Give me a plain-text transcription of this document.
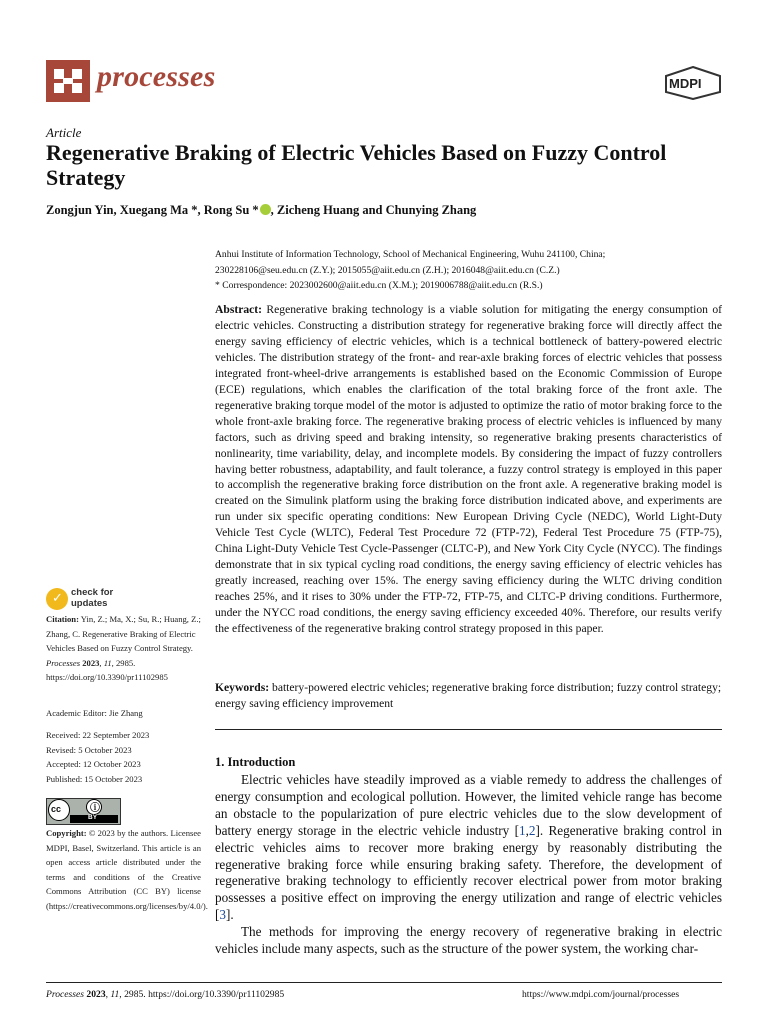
processes	MDPI
Article
Regenerative Braking of Electric Vehicles Based on Fuzzy Control Strategy
Zongjun Yin, Xuegang Ma *, Rong Su * , Zicheng Huang and Chunying Zhang
Anhui Institute of Information Technology, School of Mechanical Engineering, Wuhu 241100, China;
230228106@seu.edu.cn (Z.Y.); 2015055@aiit.edu.cn (Z.H.); 2016048@aiit.edu.cn (C.Z.)
* Correspondence: 2023002600@aiit.edu.cn (X.M.); 2019006788@aiit.edu.cn (R.S.)
Abstract: Regenerative braking technology is a viable solution for mitigating the energy consumption of electric vehicles. Constructing a distribution strategy for regenerative braking force will directly affect the energy saving efficiency of electric vehicles, which is a technical bottleneck of battery-powered electric vehicles. The distribution strategy of the front- and rear-axle braking forces of electric vehicles that possess integrated front-wheel-drive arrangements is established based on the Economic Commission of Europe (ECE) regulations, which enables the clarification of the total braking force of the front axle. The regenerative braking torque model of the motor is adjusted to optimize the ratio of motor braking force to the whole front-axle braking force. The regenerative braking process of electric vehicles is influenced by many factors, such as driving speed and braking intensity, so regenerative braking presents characteristics of nonlinearity, time variability, delay, and incomplete models. By considering the impact of fuzzy controllers having better robustness, adaptability, and fault tolerance, a fuzzy control strategy is employed in this paper to accomplish the regenerative braking force distribution on the front axle. A regenerative braking model is created on the Simulink platform using the braking force distribution indicated above, and experiments are run under six specific operating conditions: New European Driving Cycle (NEDC), World Light-Duty Vehicle Test Cycle (WLTC), Federal Test Procedure 72 (FTP-72), Federal Test Procedure 75 (FTP-75), China Light-Duty Vehicle Test Cycle-Passenger (CLTC-P), and New York City Cycle (NYCC). The findings demonstrate that in six typical cycling road conditions, the energy saving efficiency of electric vehicles has greatly increased, reaching over 15%. The energy saving efficiency during the WLTC driving condition reaches 25%, and it rises to 30% under the FTP-72, FTP-75, and CLTC-P driving conditions. Furthermore, under the NYCC road conditions, the energy saving efficiency exceeded 40%. Therefore, our results verify the effectiveness of the regenerative braking control strategy proposed in this paper.
Keywords: battery-powered electric vehicles; regenerative braking force distribution; fuzzy control strategy; energy saving efficiency improvement
1. Introduction

Electric vehicles have steadily improved as a viable remedy to address the challenges of energy consumption and ecological pollution. However, the limited vehicle range has become an obstacle to the popularization of pure electric vehicles due to the slow development of battery energy storage in the electric vehicle industry [1,2]. Regenerative braking control in electric vehicles aims to recover more braking energy by reasonably distributing the regenerative braking force while ensuring braking safety. Therefore, the development of regenerative braking technology to efficiently recover electrical power from motor braking possesses a positive effect on improving the energy utilization and range of electric vehicles [3].

The methods for improving the energy recovery of regenerative braking in electric vehicles include many aspects, such as the structure of the power system, the working char-

✓ check for
updates
Citation: Yin, Z.; Ma, X.; Su, R.; Huang, Z.; Zhang, C. Regenerative Braking of Electric Vehicles Based on Fuzzy Control Strategy. Processes 2023, 11, 2985. https://doi.org/10.3390/pr11102985
Academic Editor: Jie Zhang
Received: 22 September 2023
Revised: 5 October 2023
Accepted: 12 October 2023
Published: 15 October 2023
cc	ⓘ
BY
Copyright: © 2023 by the authors. Licensee MDPI, Basel, Switzerland. This article is an open access article distributed under the terms and conditions of the Creative Commons Attribution (CC BY) license (https://creativecommons.org/licenses/by/4.0/).
Processes 2023, 11, 2985. https://doi.org/10.3390/pr11102985	https://www.mdpi.com/journal/processes
